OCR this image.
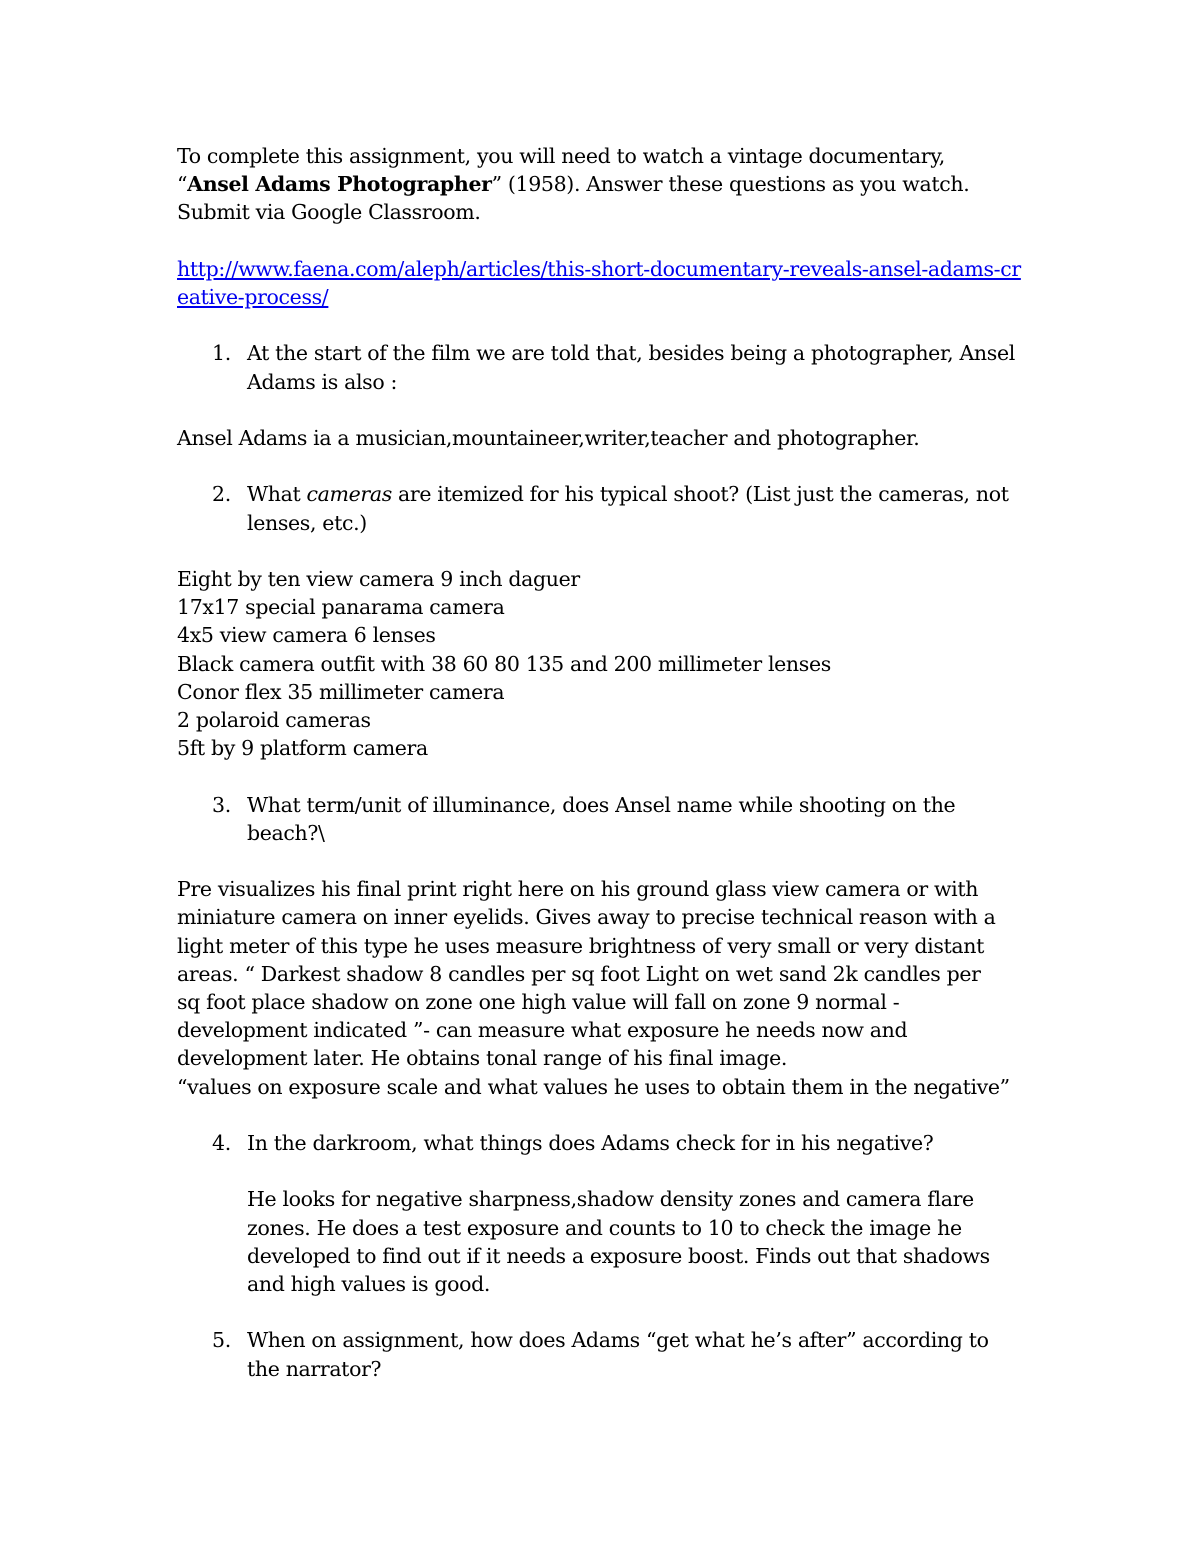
To complete this assignment, you will need to watch a vintage documentary, “Ansel Adams Photographer” (1958). Answer these questions as you watch. Submit via Google Classroom.

http://www.faena.com/aleph/articles/this-short-documentary-reveals-ansel-adams-creative-process/
1. At the start of the film we are told that, besides being a photographer, Ansel Adams is also :

Ansel Adams ia a musician,mountaineer,writer,teacher and photographer.

2. What cameras are itemized for his typical shoot? (List just the cameras, not lenses, etc.)

Eight by ten view camera 9 inch daguer

17x17 special panarama camera

4x5 view camera 6 lenses

Black camera outfit with 38 60 80 135 and 200 millimeter lenses

Conor flex 35 millimeter camera

2 polaroid cameras

5ft by 9 platform camera

3. What term/unit of illuminance, does Ansel name while shooting on the beach?\

Pre visualizes his final print right here on his ground glass view camera or with miniature camera on inner eyelids. Gives away to precise technical reason with a light meter of this type he uses measure brightness of very small or very distant areas. “ Darkest shadow 8 candles per sq foot Light on wet sand 2k candles per sq foot place shadow on zone one high value will fall on zone 9 normal - development indicated ”- can measure what exposure he needs now and development later. He obtains tonal range of his final image.

“values on exposure scale and what values he uses to obtain them in the negative”

4. In the darkroom, what things does Adams check for in his negative?

He looks for negative sharpness,shadow density zones and camera flare zones. He does a test exposure and counts to 10 to check the image he developed to find out if it needs a exposure boost. Finds out that shadows and high values is good.

5. When on assignment, how does Adams “get what he’s after” according to the narrator?
